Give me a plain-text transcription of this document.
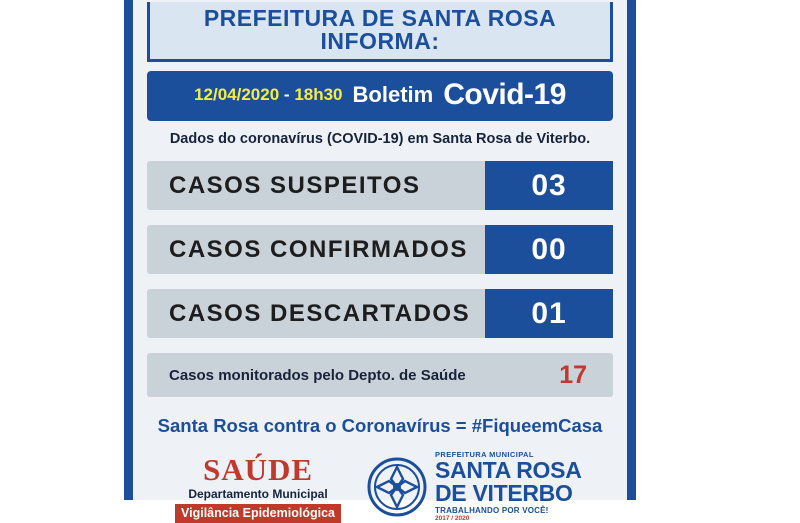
PREFEITURA DE SANTA ROSA INFORMA:
12/04/2020 - 18h30 Boletim Covid-19
Dados do coronavírus (COVID-19) em Santa Rosa de Viterbo.
CASOS SUSPEITOS	03
CASOS CONFIRMADOS	00
CASOS DESCARTADOS	01
Casos monitorados pelo Depto. de Saúde	17
Santa Rosa contra o Coronavírus = #FiqueemCasa
SAÚDE
Departamento Municipal
Vigilância Epidemiológica
PREFEITURA MUNICIPAL
SANTA ROSA
DE VITERBO
TRABALHANDO POR VOCÊ!
2017 / 2020
